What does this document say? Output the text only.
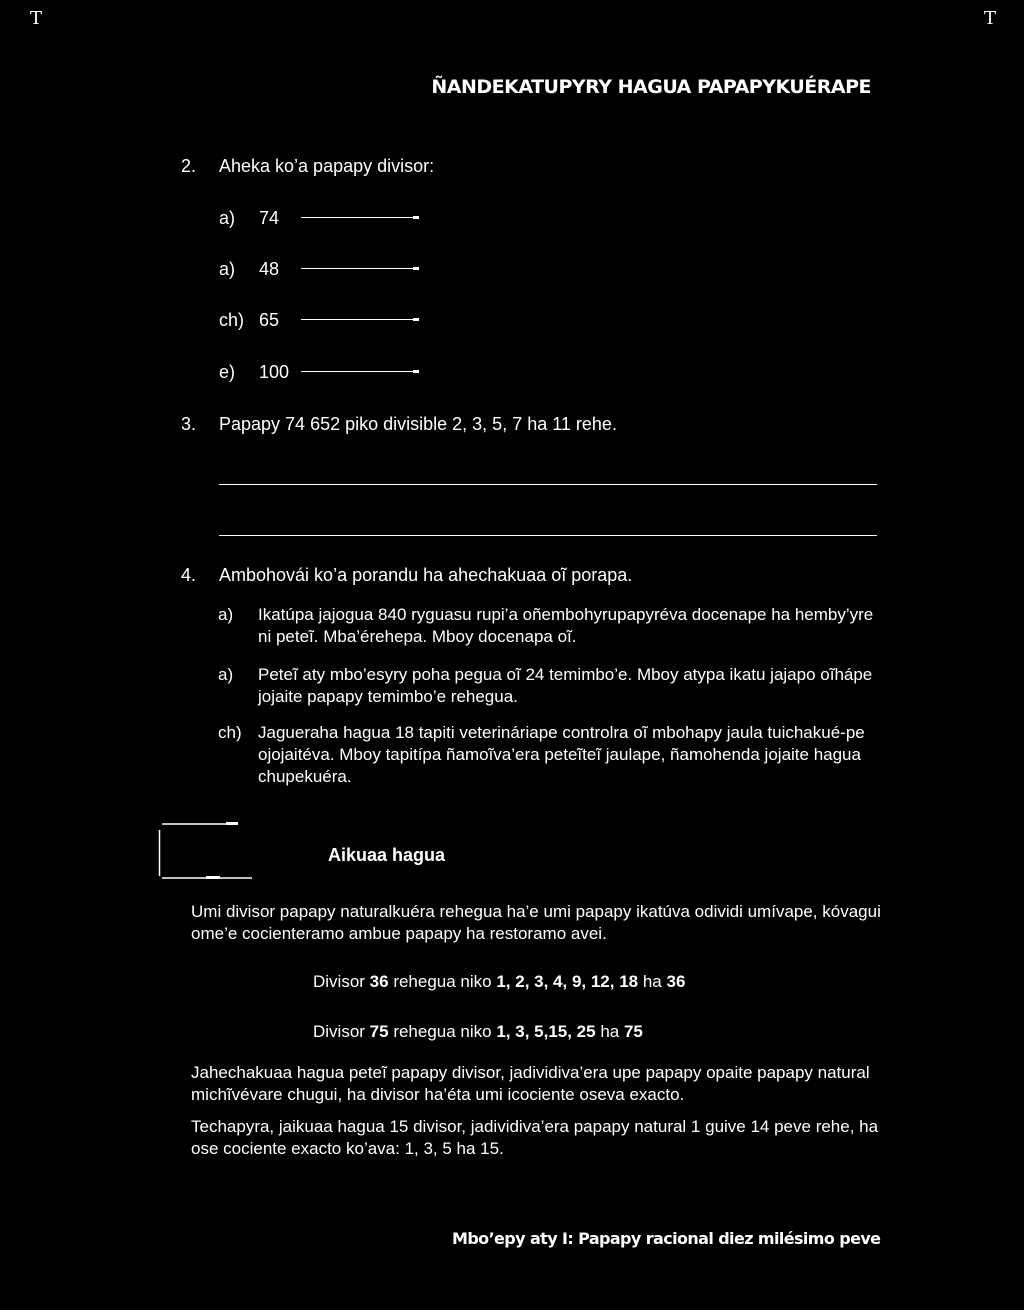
T	T
ÑANDEKATUPYRY HAGUA PAPAPYKUÉRAPE
2. Aheka ko’a papapy divisor:
a) 74
a) 48
ch) 65
e) 100
3. Papapy 74 652 piko divisible 2, 3, 5, 7 ha 11 rehe.
4. Ambohovái ko’a porandu ha ahechakuaa oĩ porapa.
a) Ikatúpa jajogua 840 ryguasu rupi’a oñembohyrupapyréva docenape ha hemby’yre ni peteĩ. Mba’érehepa. Mboy docenapa oĩ.
a) Peteĩ aty mbo’esyry poha pegua oĩ 24 temimbo’e. Mboy atypa ikatu jajapo oĩhápe jojaite papapy temimbo’e rehegua.
ch) Jagueraha hagua 18 tapiti veterináriape controlra oĩ mbohapy jaula tuichakué-pe ojojaitéva. Mboy tapitípa ñamoĩva’era peteĩteĩ jaulape, ñamohenda jojaite hagua chupekuéra.
Aikuaa hagua
Umi divisor papapy naturalkuéra rehegua ha’e umi papapy ikatúva odividi umívape, kóvagui ome’e cocienteramo ambue papapy ha restoramo avei.
Divisor 36 rehegua niko 1, 2, 3, 4, 9, 12, 18 ha 36
Divisor 75 rehegua niko 1, 3, 5,15, 25 ha 75
Jahechakuaa hagua peteĩ papapy divisor, jadividiva’era upe papapy opaite papapy natural michĩvévare chugui, ha divisor ha’éta umi icociente oseva exacto.
Techapyra, jaikuaa hagua 15 divisor, jadividiva’era papapy natural 1 guive 14 peve rehe, ha ose cociente exacto ko’ava: 1, 3, 5 ha 15.
Mbo’epy aty I: Papapy racional diez milésimo peve
